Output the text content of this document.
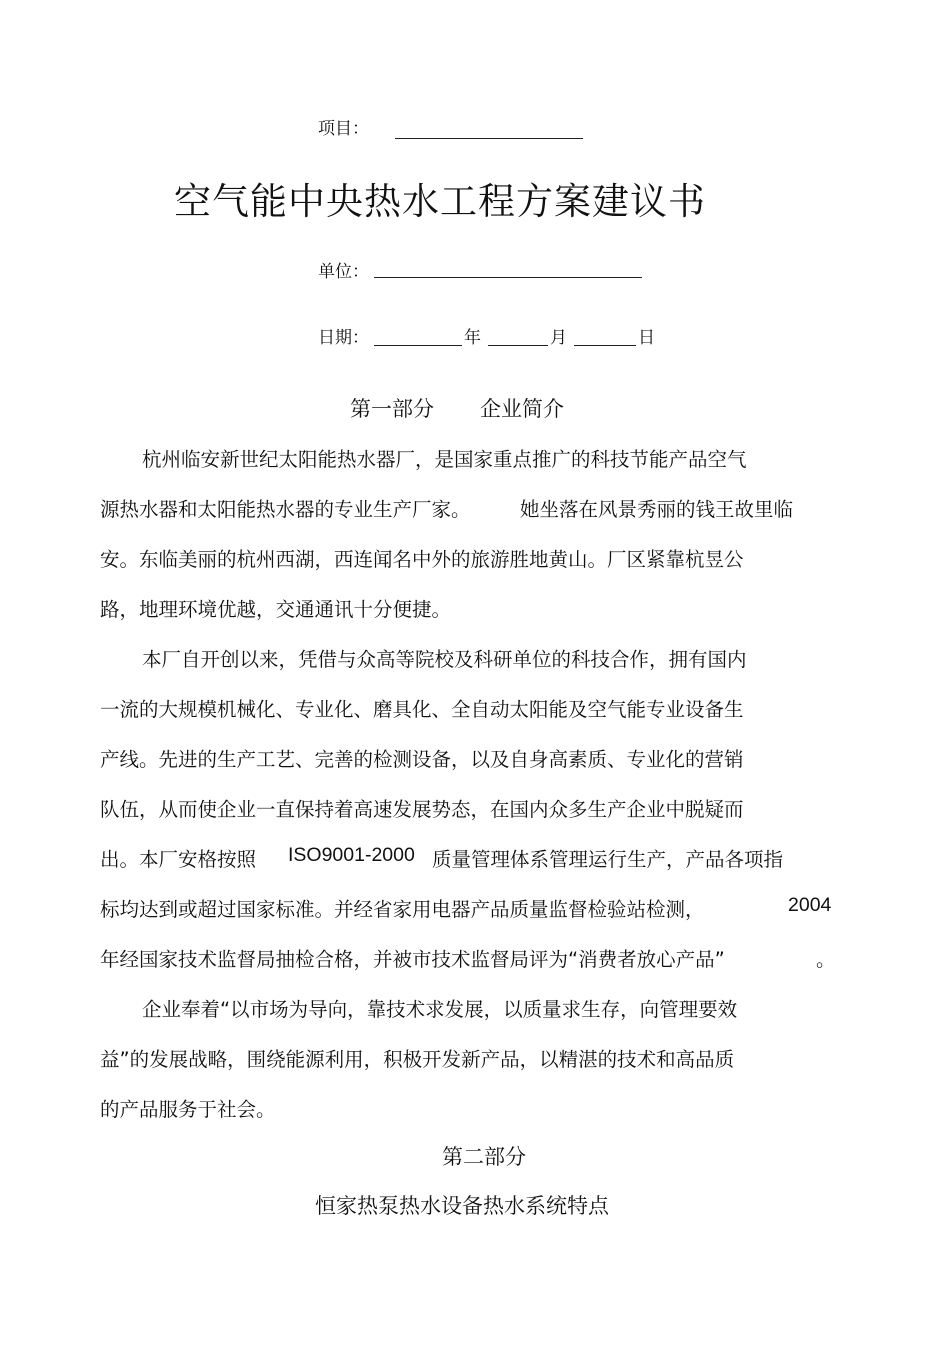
项目：
空气能中央热水工程方案建议书
单位：
日期：	年	月	日
第一部分 企业简介
杭州临安新世纪太阳能热水器厂，是国家重点推广的科技节能产品空气
源热水器和太阳能热水器的专业生产厂家。	她坐落在风景秀丽的钱王故里临
安。东临美丽的杭州西湖，西连闻名中外的旅游胜地黄山。厂区紧靠杭昱公
路，地理环境优越，交通通讯十分便捷。
本厂自开创以来，凭借与众高等院校及科研单位的科技合作，拥有国内
一流的大规模机械化、专业化、磨具化、全自动太阳能及空气能专业设备生
产线。先进的生产工艺、完善的检测设备，以及自身高素质、专业化的营销
队伍，从而使企业一直保持着高速发展势态，在国内众多生产企业中脱疑而
出。本厂安格按照 ISO9001-2000 质量管理体系管理运行生产，产品各项指
标均达到或超过国家标准。并经省家用电器产品质量监督检验站检测，	2004
年经国家技术监督局抽检合格，并被市技术监督局评为“消费者放心产品”	。
企业奉着“以市场为导向，靠技术求发展，以质量求生存，向管理要效
益”的发展战略，围绕能源利用，积极开发新产品，以精湛的技术和高品质
的产品服务于社会。
第二部分
恒家热泵热水设备热水系统特点
